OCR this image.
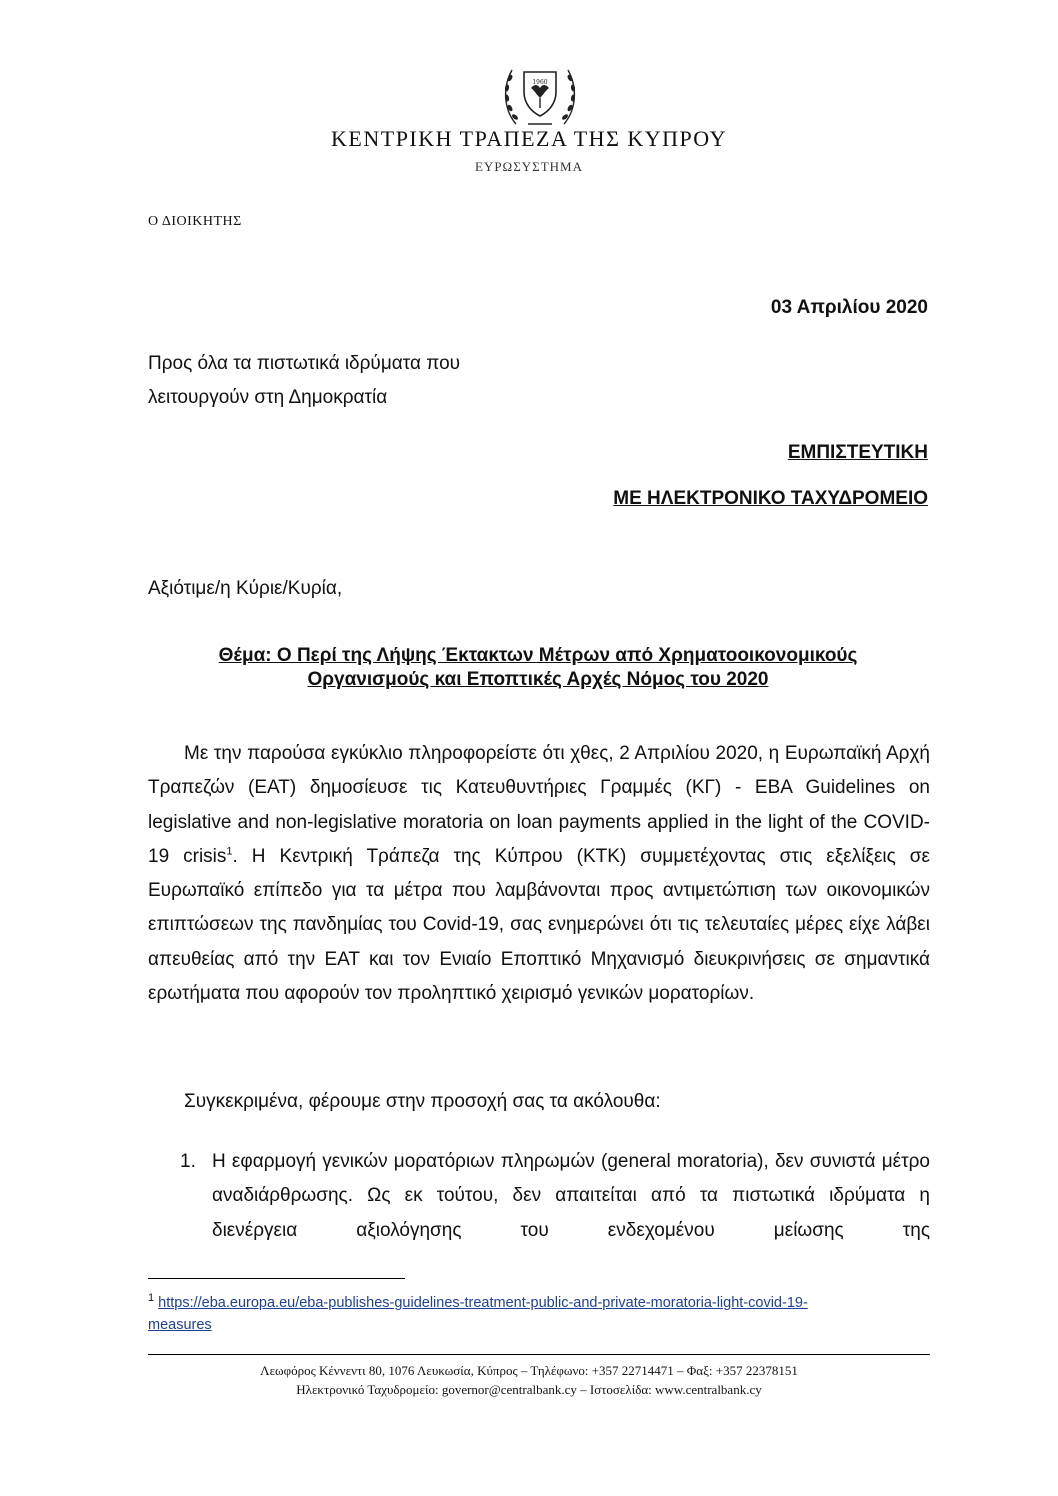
1960
ΚΕΝΤΡΙΚΗ ΤΡΑΠΕΖΑ ΤΗΣ ΚΥΠΡΟΥ
ΕΥΡΩΣΥΣΤΗΜΑ
Ο ΔΙΟΙΚΗΤΗΣ
03 Απριλίου 2020
Προς όλα τα πιστωτικά ιδρύματα που
λειτουργούν στη Δημοκρατία
ΕΜΠΙΣΤΕΥΤΙΚΗ
ΜΕ ΗΛΕΚΤΡΟΝΙΚΟ ΤΑΧΥΔΡΟΜΕΙΟ
Αξιότιμε/η Κύριε/Κυρία,
Θέμα: Ο Περί της Λήψης Έκτακτων Μέτρων από Χρηματοοικονομικούς
Οργανισμούς και Εποπτικές Αρχές Νόμος του 2020
Με την παρούσα εγκύκλιο πληροφορείστε ότι χθες, 2 Απριλίου 2020, η Ευρωπαϊκή Αρχή Τραπεζών (ΕΑΤ) δημοσίευσε τις Κατευθυντήριες Γραμμές (ΚΓ) - EBA Guidelines on legislative and non-legislative moratoria on loan payments applied in the light of the COVID-19 crisis$^1$. Η Κεντρική Τράπεζα της Κύπρου (ΚΤΚ) συμμετέχοντας στις εξελίξεις σε Ευρωπαϊκό επίπεδο για τα μέτρα που λαμβάνονται προς αντιμετώπιση των οικονομικών επιπτώσεων της πανδημίας του Covid-19, σας ενημερώνει ότι τις τελευταίες μέρες είχε λάβει απευθείας από την ΕΑΤ και τον Ενιαίο Εποπτικό Μηχανισμό διευκρινήσεις σε σημαντικά ερωτήματα που αφορούν τον προληπτικό χειρισμό γενικών μορατορίων.
Συγκεκριμένα, φέρουμε στην προσοχή σας τα ακόλουθα:
1. Η εφαρμογή γενικών μορατόριων πληρωμών (general moratoria), δεν συνιστά μέτρο αναδιάρθρωσης. Ως εκ τούτου, δεν απαιτείται από τα πιστωτικά ιδρύματα η διενέργεια αξιολόγησης του ενδεχομένου μείωσης της
$^1$ https://eba.europa.eu/eba-publishes-guidelines-treatment-public-and-private-moratoria-light-covid-19-
measures
Λεωφόρος Κέννεντι 80, 1076 Λευκωσία, Κύπρος – Τηλέφωνο: +357 22714471 – Φαξ: +357 22378151
Ηλεκτρονικό Ταχυδρομείο: governor@centralbank.cy – Ιστοσελίδα: www.centralbank.cy
